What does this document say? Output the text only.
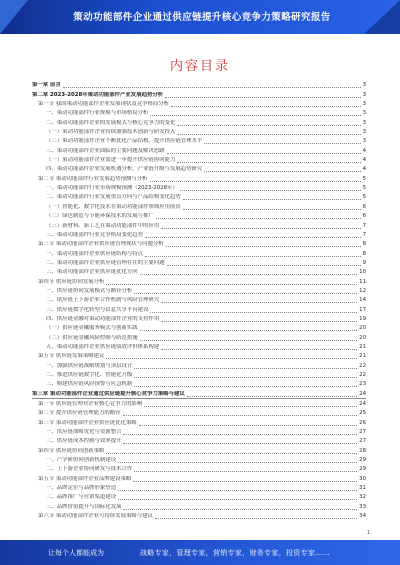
策动功能部件企业通过供应链提升核心竞争力策略研究报告
内容目录
第一章 前言	3
第二章 2023-2028年策动功能部件产业发展趋势分析	3
第一节 我国策动功能部件企业发展现状及竞争格局分析	3
一、策动功能部件行业规模与市场格局分析	3
二、策动功能部件企业的发展模式与核心竞争力的变化	3
（一）策动功能部件企业持续加强技术创新与研发投入	3
（二）策动功能部件企业不断优化产品结构，提升供应链管理水平	3
三、策动功能部件企业面临的主要问题及解决思路	4
（一）策动功能部件企业需进一步提升供应链协同能力	4
四、策动功能部件企业发展机遇分析，产业链升级与发展趋势研究	4
第二节 策动功能部件行业发展趋势预测与分析	5
一、策动功能部件行业市场规模预测（2023-2028年）	5
二、策动功能部件行业发展重点方向与产品结构变化趋势	5
（一）智能化、数字化技术在策动功能部件领域应用前景	6
（二）绿色制造与节能环保技术的发展与推广	6
（三）新材料、新工艺在策动功能部件中的应用	7
三、策动功能部件行业竞争格局变化趋势	7
第三节 策动功能部件企业供应链管理现状与问题分析	8
一、策动功能部件企业供应链结构与特点	8
二、策动功能部件企业供应链管理存在的主要问题	9
三、策动功能部件企业供应链优化方向	10
第四节 供应链协同发展分析	11
一、供应链协同发展模式与路径分析	12
二、供应链上下游企业合作机制与风险管理研究	14
三、供应链数字化转型与信息共享平台建设	17
四、供应链金融对策动功能部件企业的支持作用	19
（一）供应链金融服务模式与创新实践	20
（二）供应链金融风险控制与防范措施	20
五、策动功能部件企业供应链绩效评价体系构建	21
第五节 供应链发展策略建议	21
一、加强供应链战略规划与顶层设计	22
二、推进供应链数字化、智能化升级	22
三、构建供应链风险预警与应急机制	23
第三章 策动功能部件企业通过供应链提升核心竞争力策略与建议	24
第一节 供应链管理对企业核心竞争力的影响	24
第二节 提升供应链管理能力的路径	25
第三节 策动功能部件企业供应链优化策略	26
一、供应链战略优化与资源整合	27
二、供应链成本控制与效率提升	27
第四节 供应链协同创新策略	28
一、产学研协同创新机制建设	29
二、上下游企业协同研发与技术合作	29
第五节 策动功能部件企业品牌建设策略	30
一、品牌定位与品牌形象塑造	31
二、品牌推广与营销渠道建设	32
三、品牌价值提升与国际化发展	33
第六节 策动功能部件企业可持续发展策略与建议	34
1
让每个人都能成为	战略专家，管理专家，营销专家，财务专家，投资专家……
